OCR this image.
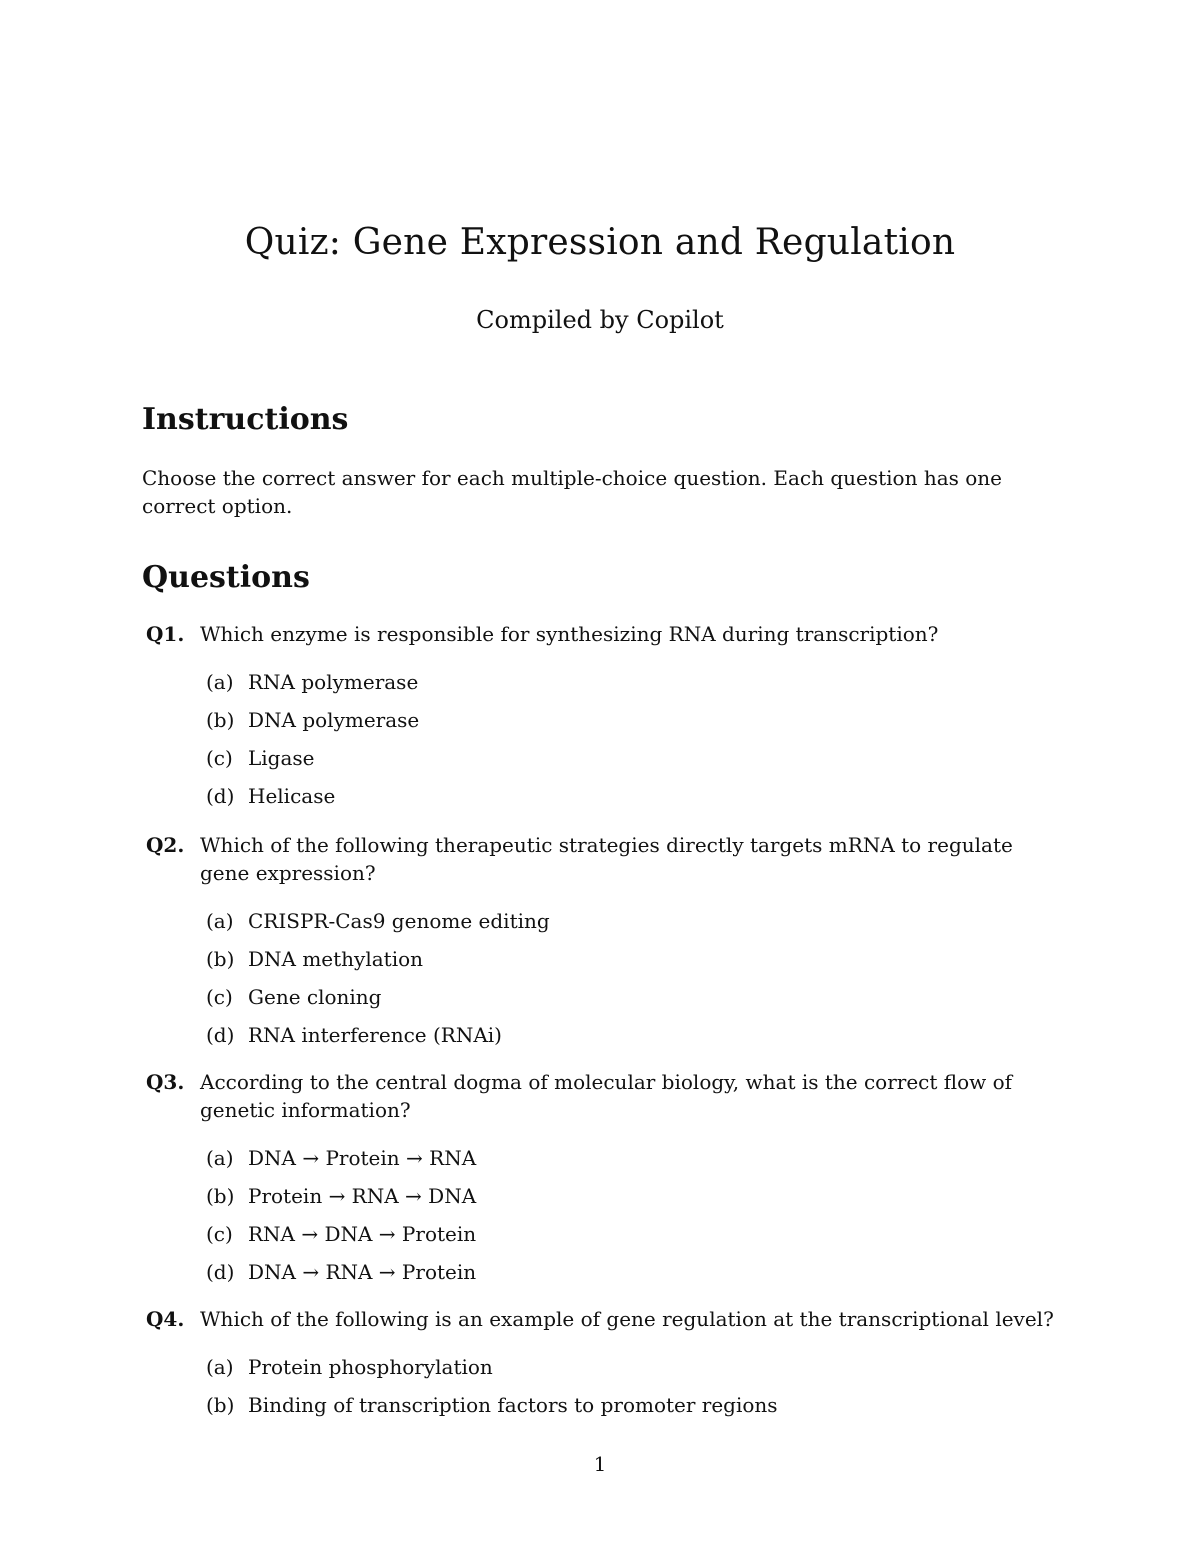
Quiz: Gene Expression and Regulation
Compiled by Copilot
Instructions

Choose the correct answer for each multiple-choice question. Each question has one correct option.

Questions
Q1. Which enzyme is responsible for synthesizing RNA during transcription?
(a) RNA polymerase
(b) DNA polymerase
(c) Ligase
(d) Helicase
Q2. Which of the following therapeutic strategies directly targets mRNA to regulate gene expression?
(a) CRISPR-Cas9 genome editing
(b) DNA methylation
(c) Gene cloning
(d) RNA interference (RNAi)
Q3. According to the central dogma of molecular biology, what is the correct flow of genetic information?
(a) DNA → Protein → RNA
(b) Protein → RNA → DNA
(c) RNA → DNA → Protein
(d) DNA → RNA → Protein
Q4. Which of the following is an example of gene regulation at the transcriptional level?
(a) Protein phosphorylation
(b) Binding of transcription factors to promoter regions
1
